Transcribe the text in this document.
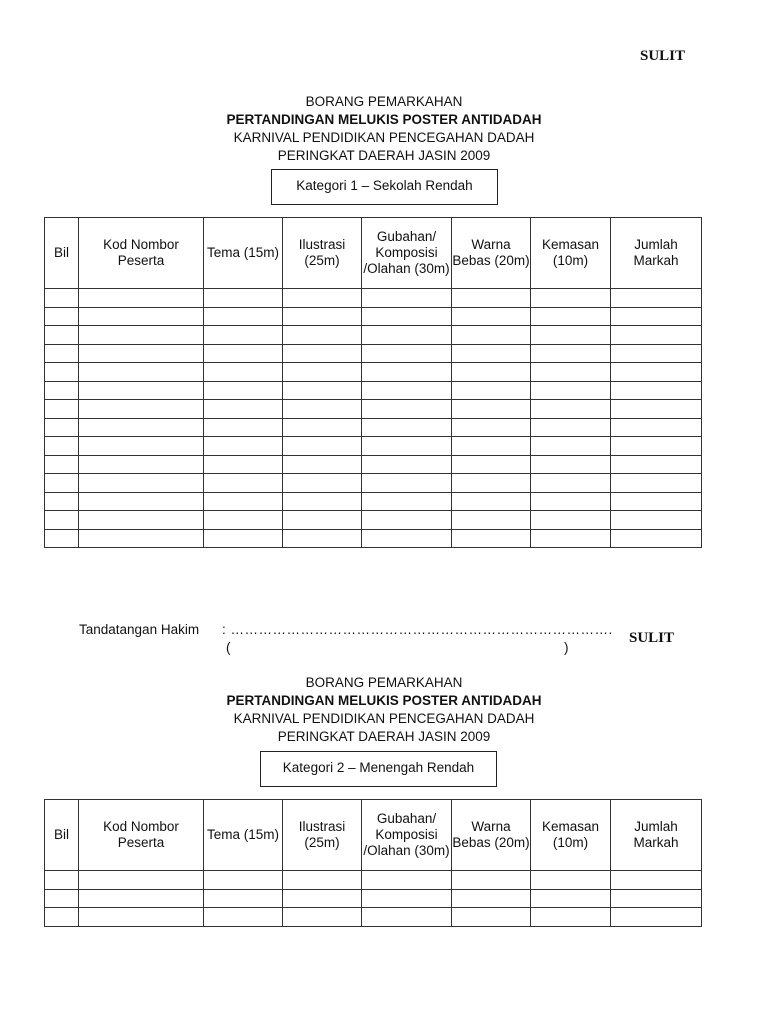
SULIT
BORANG PEMARKAHAN
PERTANDINGAN MELUKIS POSTER ANTIDADAH
KARNIVAL PENDIDIKAN PENCEGAHAN DADAH
PERINGKAT DAERAH JASIN 2009
Kategori 1 – Sekolah Rendah
Bil	Kod Nombor Peserta	Tema (15m)	Ilustrasi (25m)	Gubahan/ Komposisi /Olahan (30m)	Warna Bebas (20m)	Kemasan (10m)	Jumlah Markah

Tandatangan Hakim : ……………………………………………………………………….
(	)
SULIT
BORANG PEMARKAHAN
PERTANDINGAN MELUKIS POSTER ANTIDADAH
KARNIVAL PENDIDIKAN PENCEGAHAN DADAH
PERINGKAT DAERAH JASIN 2009
Kategori 2 – Menengah Rendah
Bil	Kod Nombor Peserta	Tema (15m)	Ilustrasi (25m)	Gubahan/ Komposisi /Olahan (30m)	Warna Bebas (20m)	Kemasan (10m)	Jumlah Markah
